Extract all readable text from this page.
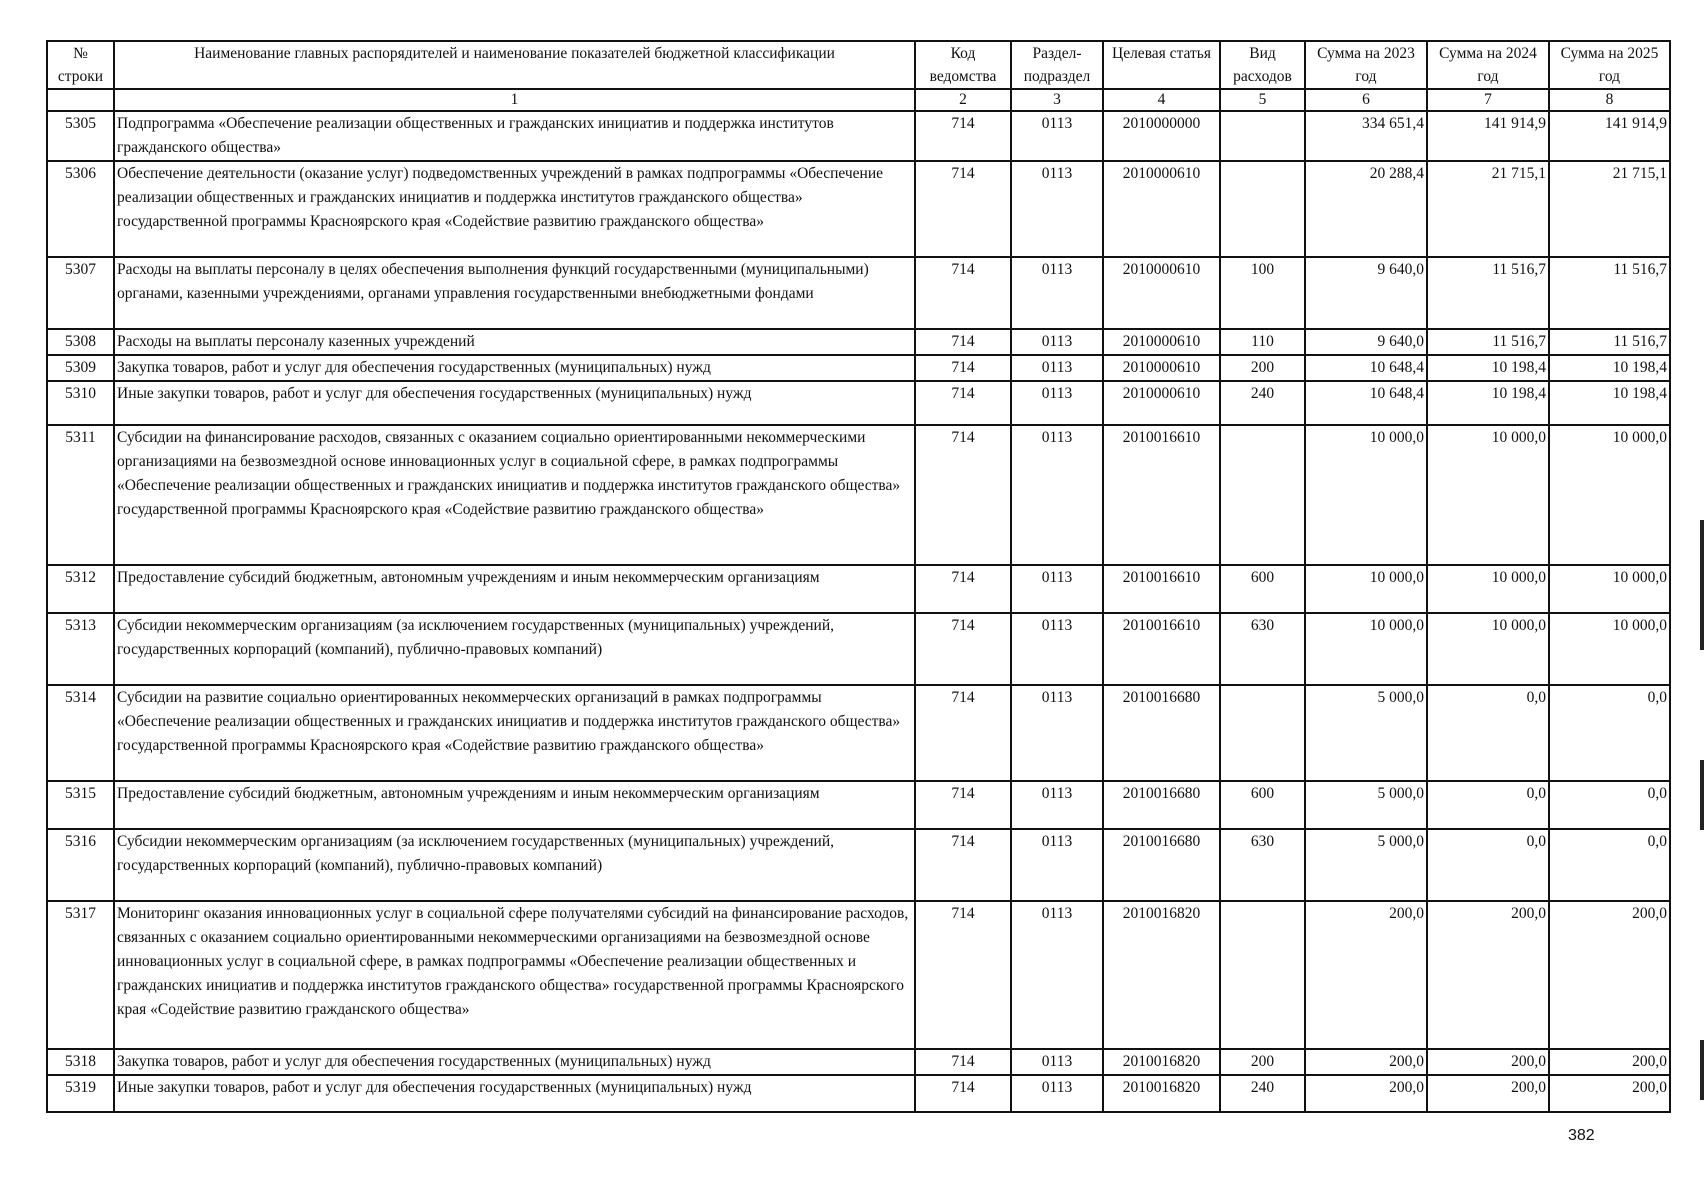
№ строки	Наименование главных распорядителей и наименование показателей бюджетной классификации	Код ведомства	Раздел-подраздел	Целевая статья	Вид расходов	Сумма на 2023 год	Сумма на 2024 год	Сумма на 2025 год
	1	2	3	4	5	6	7	8
5305	Подпрограмма «Обеспечение реализации общественных и гражданских инициатив и поддержка институтов гражданского общества»	714	0113	2010000000		334 651,4	141 914,9	141 914,9
5306	Обеспечение деятельности (оказание услуг) подведомственных учреждений в рамках подпрограммы «Обеспечение реализации общественных и гражданских инициатив и поддержка институтов гражданского общества» государственной программы Красноярского края «Содействие развитию гражданского общества»	714	0113	2010000610		20 288,4	21 715,1	21 715,1
5307	Расходы на выплаты персоналу в целях обеспечения выполнения функций государственными (муниципальными) органами, казенными учреждениями, органами управления государственными внебюджетными фондами	714	0113	2010000610	100	9 640,0	11 516,7	11 516,7
5308	Расходы на выплаты персоналу казенных учреждений	714	0113	2010000610	110	9 640,0	11 516,7	11 516,7
5309	Закупка товаров, работ и услуг для обеспечения государственных (муниципальных) нужд	714	0113	2010000610	200	10 648,4	10 198,4	10 198,4
5310	Иные закупки товаров, работ и услуг для обеспечения государственных (муниципальных) нужд	714	0113	2010000610	240	10 648,4	10 198,4	10 198,4
5311	Субсидии на финансирование расходов, связанных с оказанием социально ориентированными некоммерческими организациями на безвозмездной основе инновационных услуг в социальной сфере, в рамках подпрограммы «Обеспечение реализации общественных и гражданских инициатив и поддержка институтов гражданского общества» государственной программы Красноярского края «Содействие развитию гражданского общества»	714	0113	2010016610		10 000,0	10 000,0	10 000,0
5312	Предоставление субсидий бюджетным, автономным учреждениям и иным некоммерческим организациям	714	0113	2010016610	600	10 000,0	10 000,0	10 000,0
5313	Субсидии некоммерческим организациям (за исключением государственных (муниципальных) учреждений, государственных корпораций (компаний), публично-правовых компаний)	714	0113	2010016610	630	10 000,0	10 000,0	10 000,0
5314	Субсидии на развитие социально ориентированных некоммерческих организаций в рамках подпрограммы «Обеспечение реализации общественных и гражданских инициатив и поддержка институтов гражданского общества» государственной программы Красноярского края «Содействие развитию гражданского общества»	714	0113	2010016680		5 000,0	0,0	0,0
5315	Предоставление субсидий бюджетным, автономным учреждениям и иным некоммерческим организациям	714	0113	2010016680	600	5 000,0	0,0	0,0
5316	Субсидии некоммерческим организациям (за исключением государственных (муниципальных) учреждений, государственных корпораций (компаний), публично-правовых компаний)	714	0113	2010016680	630	5 000,0	0,0	0,0
5317	Мониторинг оказания инновационных услуг в социальной сфере получателями субсидий на финансирование расходов, связанных с оказанием социально ориентированными некоммерческими организациями на безвозмездной основе инновационных услуг в социальной сфере, в рамках подпрограммы «Обеспечение реализации общественных и гражданских инициатив и поддержка институтов гражданского общества» государственной программы Красноярского края «Содействие развитию гражданского общества»	714	0113	2010016820		200,0	200,0	200,0
5318	Закупка товаров, работ и услуг для обеспечения государственных (муниципальных) нужд	714	0113	2010016820	200	200,0	200,0	200,0
5319	Иные закупки товаров, работ и услуг для обеспечения государственных (муниципальных) нужд	714	0113	2010016820	240	200,0	200,0	200,0
382
